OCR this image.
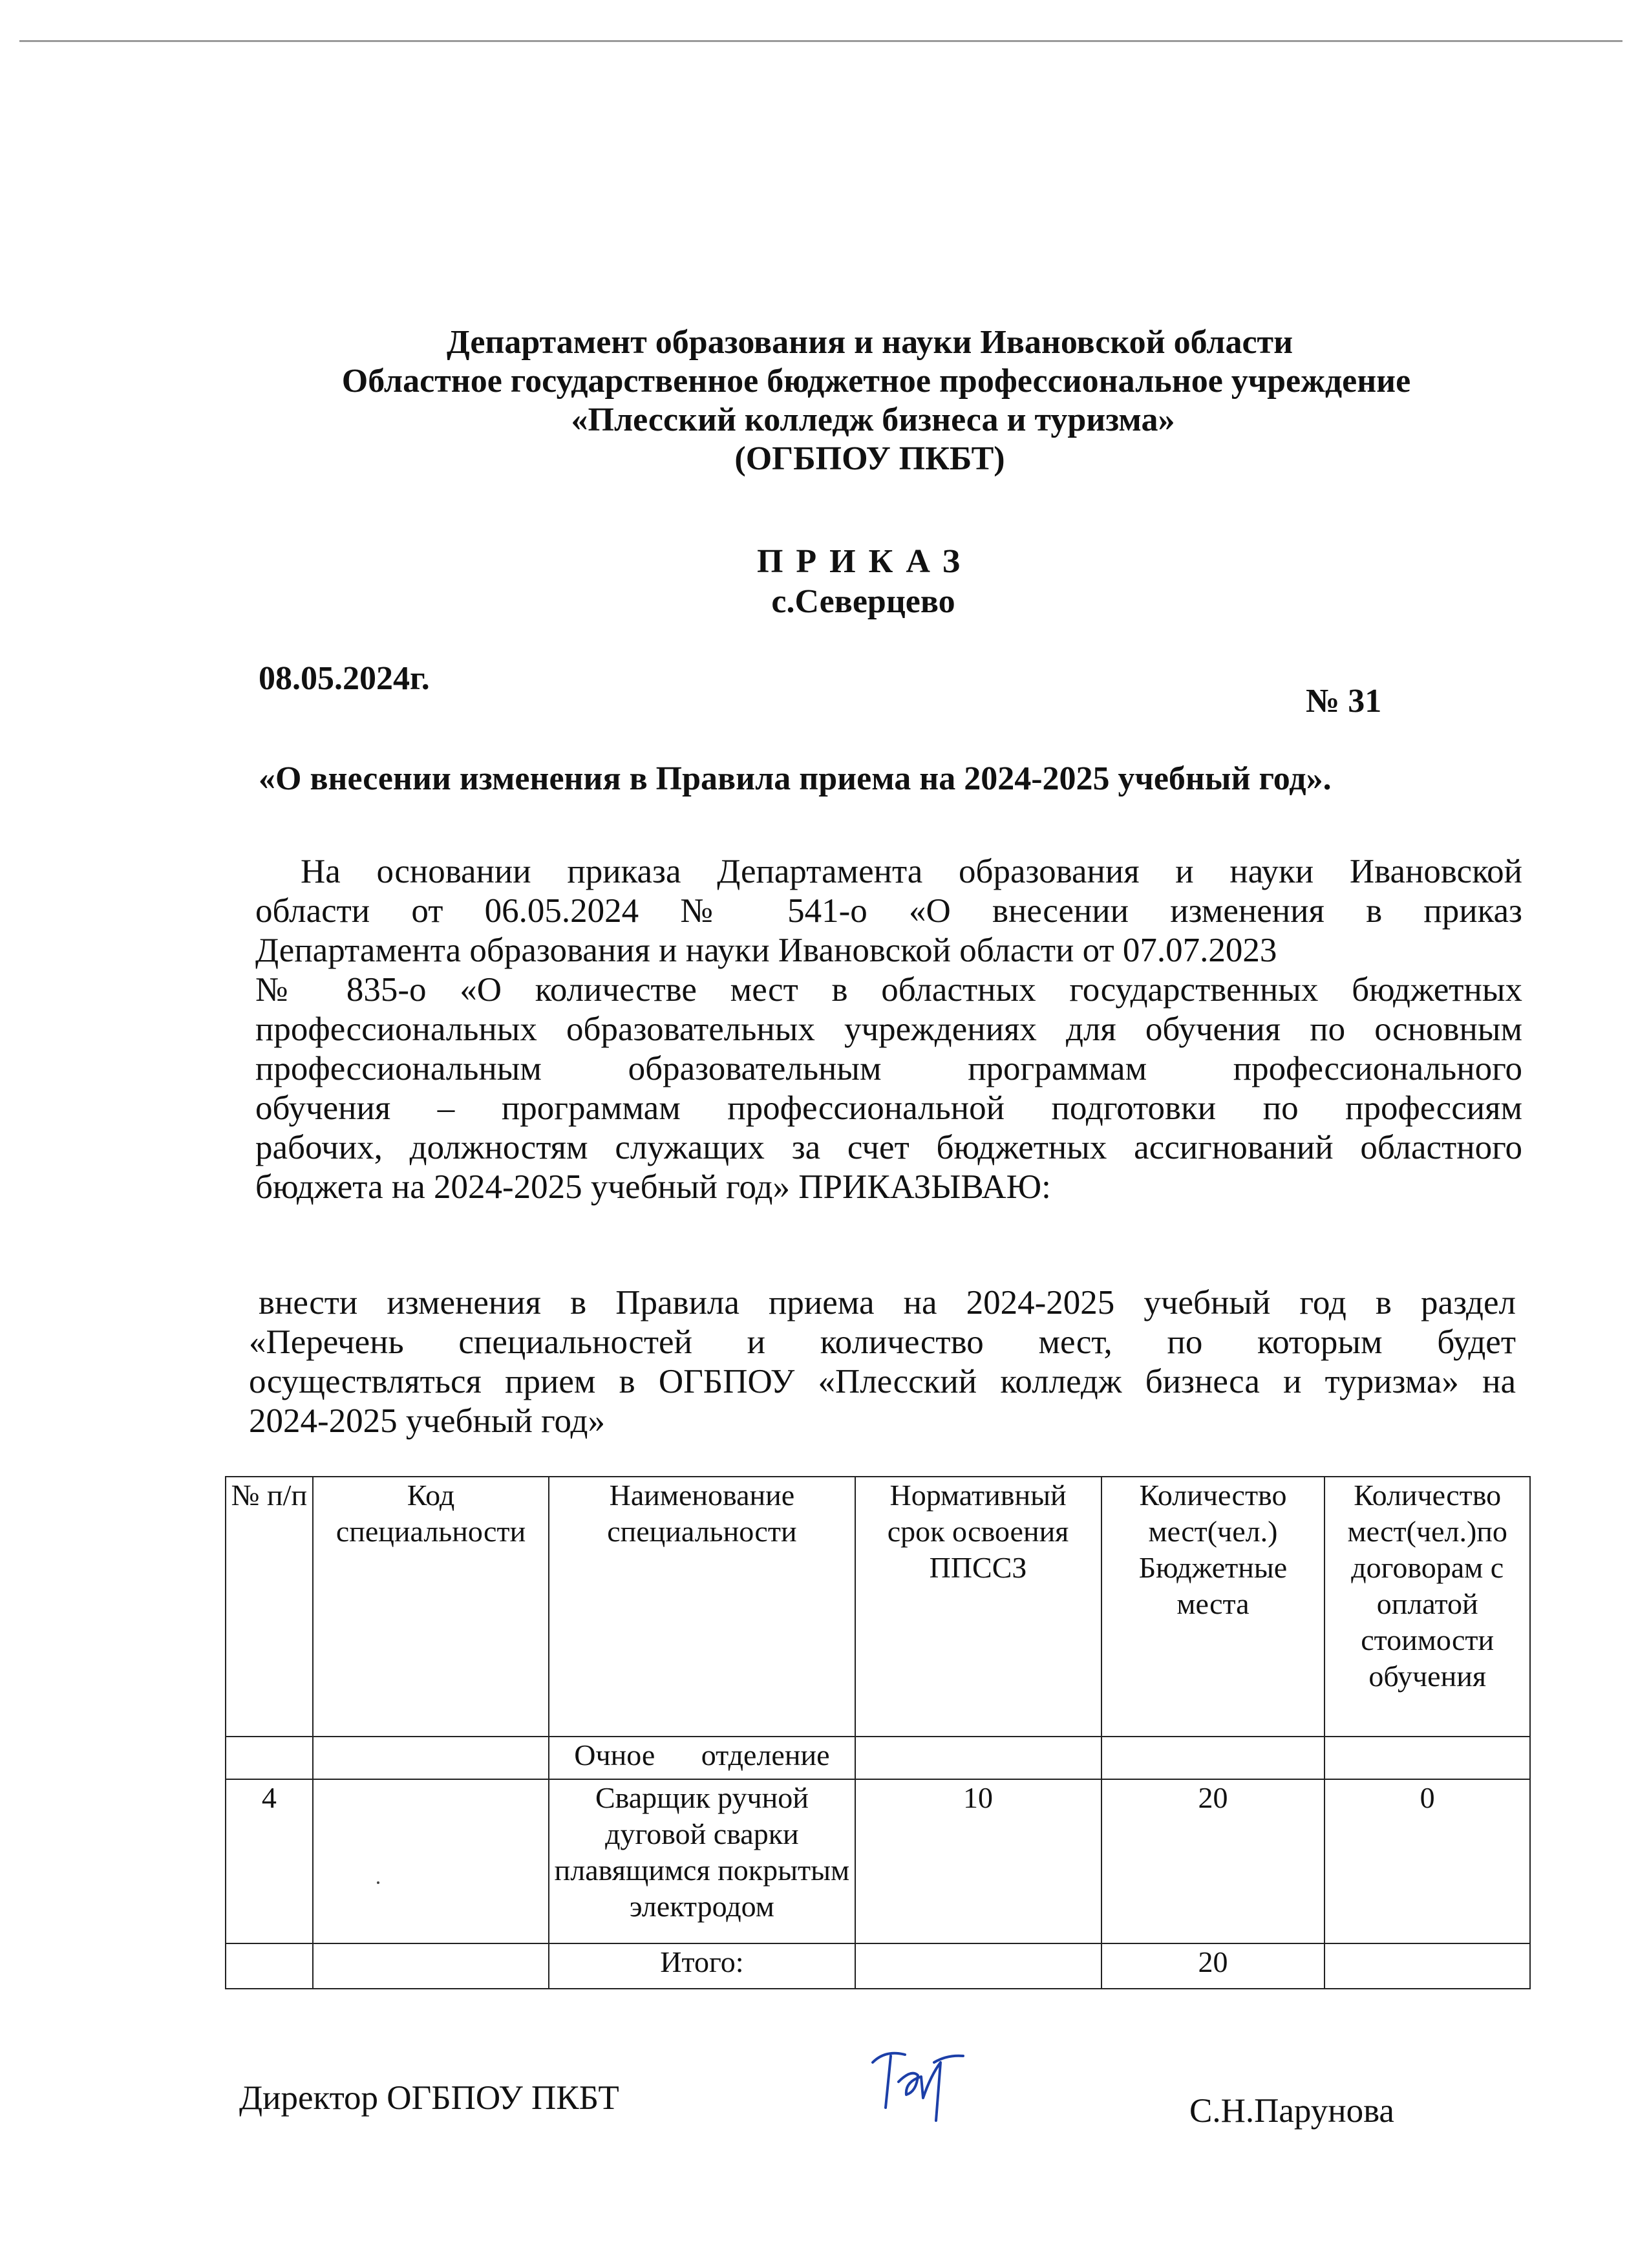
Департамент образования и науки Ивановской области
Областное государственное бюджетное профессиональное учреждение
«Плесский колледж бизнеса и туризма»
(ОГБПОУ ПКБТ)
ПРИКАЗ
с.Северцево
08.05.2024г.
№ 31
«О внесении изменения в Правила приема на 2024-2025 учебный год».
На основании приказа Департамента образования и науки Ивановской
области от 06.05.2024 № 541-о «О внесении изменения в приказ
Департамента образования и науки Ивановской области от 07.07.2023
№ 835-о «О количестве мест в областных государственных бюджетных
профессиональных образовательных учреждениях для обучения по основным
профессиональным образовательным программам профессионального
обучения – программам профессиональной подготовки по профессиям
рабочих, должностям служащих за счет бюджетных ассигнований областного
бюджета на 2024-2025 учебный год» ПРИКАЗЫВАЮ:
внести изменения в Правила приема на 2024-2025 учебный год в раздел
«Перечень специальностей и количество мест, по которым будет
осуществляться прием в ОГБПОУ «Плесский колледж бизнеса и туризма» на
2024-2025 учебный год»
№ п/п	Код специальности	Наименование специальности	Нормативный срок освоения ППССЗ	Количество мест(чел.) Бюджетные места	Количество мест(чел.)по договорам с оплатой стоимости обучения
		Очное отделение			
4		Сварщик ручной дуговой сварки плавящимся покрытым электродом	10	20	0
		Итого:		20	
Директор ОГБПОУ ПКБТ	С.Н.Парунова
